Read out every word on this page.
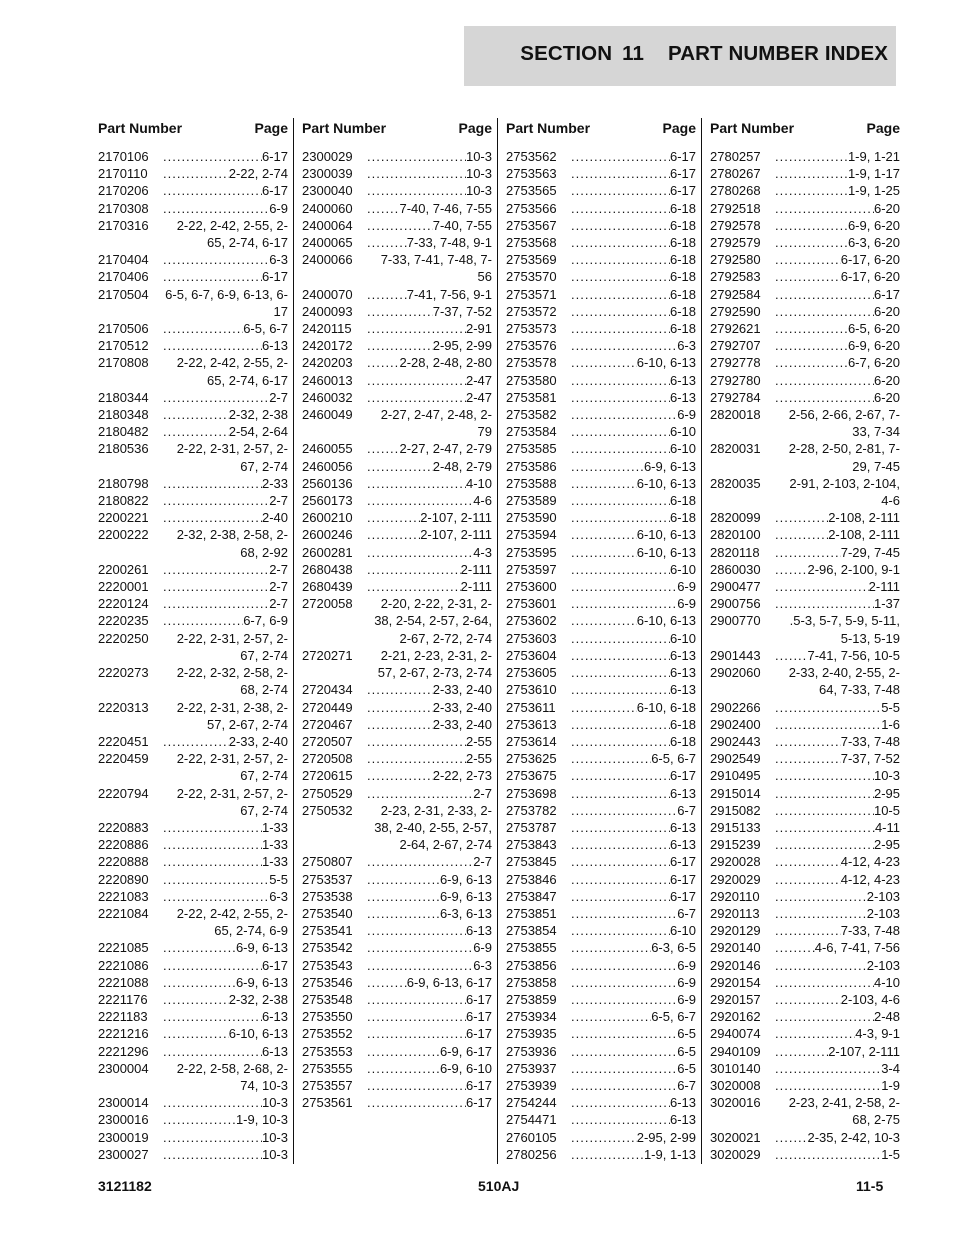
SECTION 11 PART NUMBER INDEX
Part Number	Page
2170106 .....	6-17
2170110 .....	2-22, 2-74
2170206 .....	6-17
2170308 .....	6-9
2170316	2-22, 2-42, 2-55, 2-65, 2-74, 6-17
2170404 .....	6-3
2170406 .....	6-17
2170504 6-5, 6-7, 6-9, 6-13, 6-17
2170506 .....	6-5, 6-7
2170512 .....	6-13
2170808	2-22, 2-42, 2-55, 2-65, 2-74, 6-17
2180344 .....	2-7
2180348 .....	2-32, 2-38
2180482 .....	2-54, 2-64
2180536	2-22, 2-31, 2-57, 2-67, 2-74
2180798 .....	2-33
2180822 .....	2-7
2200221 .....	2-40
2200222	2-32, 2-38, 2-58, 2-68, 2-92
2200261 .....	2-7
2220001 .....	2-7
2220124 .....	2-7
2220235 .....	6-7, 6-9
2220250	2-22, 2-31, 2-57, 2-67, 2-74
2220273	2-22, 2-32, 2-58, 2-68, 2-74
2220313	2-22, 2-31, 2-38, 2-57, 2-67, 2-74
2220451 .....	2-33, 2-40
2220459	2-22, 2-31, 2-57, 2-67, 2-74
2220794	2-22, 2-31, 2-57, 2-67, 2-74
2220883 .....	1-33
2220886 .....	1-33
2220888 .....	1-33
2220890 .....	5-5
2221083 .....	6-3
2221084	2-22, 2-42, 2-55, 2-65, 2-74, 6-9
2221085 .....	6-9, 6-13
2221086 .....	6-17
2221088 .....	6-9, 6-13
2221176 .....	2-32, 2-38
2221183 .....	6-13
2221216 .....	6-10, 6-13
2221296 .....	6-13
2300004	2-22, 2-58, 2-68, 2-74, 10-3
2300014 .....	10-3
2300016 .....	1-9, 10-3
2300019 .....	10-3
2300027 .....	10-3
Part Number	Page
2300029 .....	10-3
2300039 .....	10-3
2300040 .....	10-3
2400060 .....	7-40, 7-46, 7-55
2400064 .....	7-40, 7-55
2400065 .....	7-33, 7-48, 9-1
2400066	7-33, 7-41, 7-48, 7-56
2400070 .....	7-41, 7-56, 9-1
2400093 .....	7-37, 7-52
2420115 .....	2-91
2420172 .....	2-95, 2-99
2420203 .....	2-28, 2-48, 2-80
2460013 .....	2-47
2460032 .....	2-47
2460049	2-27, 2-47, 2-48, 2-79
2460055 .....	2-27, 2-47, 2-79
2460056 .....	2-48, 2-79
2560136 .....	4-10
2560173 .....	4-6
2600210 .....	2-107, 2-111
2600246 .....	2-107, 2-111
2600281 .....	4-3
2680438 .....	2-111
2680439 .....	2-111
2720058	2-20, 2-22, 2-31, 2-38, 2-54, 2-57, 2-64, 2-67, 2-72, 2-74
2720271	2-21, 2-23, 2-31, 2-57, 2-67, 2-73, 2-74
2720434 .....	2-33, 2-40
2720449 .....	2-33, 2-40
2720467 .....	2-33, 2-40
2720507 .....	2-55
2720508 .....	2-55
2720615 .....	2-22, 2-73
2750529 .....	2-7
2750532	2-23, 2-31, 2-33, 2-38, 2-40, 2-55, 2-57, 2-64, 2-67, 2-74
2750807 .....	2-7
2753537 .....	6-9, 6-13
2753538 .....	6-9, 6-13
2753540 .....	6-3, 6-13
2753541 .....	6-13
2753542 .....	6-9
2753543 .....	6-3
2753546 .....	6-9, 6-13, 6-17
2753548 .....	6-17
2753550 .....	6-17
2753552 .....	6-17
2753553 .....	6-9, 6-17
2753555 .....	6-9, 6-10
2753557 .....	6-17
2753561 .....	6-17
Part Number	Page
2753562 .....	6-17
2753563 .....	6-17
2753565 .....	6-17
2753566 .....	6-18
2753567 .....	6-18
2753568 .....	6-18
2753569 .....	6-18
2753570 .....	6-18
2753571 .....	6-18
2753572 .....	6-18
2753573 .....	6-18
2753576 .....	6-3
2753578 .....	6-10, 6-13
2753580 .....	6-13
2753581 .....	6-13
2753582 .....	6-9
2753584 .....	6-10
2753585 .....	6-10
2753586 .....	6-9, 6-13
2753588 .....	6-10, 6-13
2753589 .....	6-18
2753590 .....	6-18
2753594 .....	6-10, 6-13
2753595 .....	6-10, 6-13
2753597 .....	6-10
2753600 .....	6-9
2753601 .....	6-9
2753602 .....	6-10, 6-13
2753603 .....	6-10
2753604 .....	6-13
2753605 .....	6-13
2753610 .....	6-13
2753611 .....	6-10, 6-18
2753613 .....	6-18
2753614 .....	6-18
2753625 .....	6-5, 6-7
2753675 .....	6-17
2753698 .....	6-13
2753782 .....	6-7
2753787 .....	6-13
2753843 .....	6-13
2753845 .....	6-17
2753846 .....	6-17
2753847 .....	6-17
2753851 .....	6-7
2753854 .....	6-10
2753855 .....	6-3, 6-5
2753856 .....	6-9
2753858 .....	6-9
2753859 .....	6-9
2753934 .....	6-5, 6-7
2753935 .....	6-5
2753936 .....	6-5
2753937 .....	6-5
2753939 .....	6-7
2754244 .....	6-13
2754471 .....	6-13
2760105 .....	2-95, 2-99
2780256 .....	1-9, 1-13
Part Number	Page
2780257 .....	1-9, 1-21
2780267 .....	1-9, 1-17
2780268 .....	1-9, 1-25
2792518 .....	6-20
2792578 .....	6-9, 6-20
2792579 .....	6-3, 6-20
2792580 .....	6-17, 6-20
2792583 .....	6-17, 6-20
2792584 .....	6-17
2792590 .....	6-20
2792621 .....	6-5, 6-20
2792707 .....	6-9, 6-20
2792778 .....	6-7, 6-20
2792780 .....	6-20
2792784 .....	6-20
2820018	2-56, 2-66, 2-67, 7-33, 7-34
2820031	2-28, 2-50, 2-81, 7-29, 7-45
2820035	2-91, 2-103, 2-104, 4-6
2820099 .....	2-108, 2-111
2820100 .....	2-108, 2-111
2820118 .....	7-29, 7-45
2860030 .....	2-96, 2-100, 9-1
2900477 .....	2-111
2900756 .....	1-37
2900770	.5-3, 5-7, 5-9, 5-11, 5-13, 5-19
2901443 .....	7-41, 7-56, 10-5
2902060	2-33, 2-40, 2-55, 2-64, 7-33, 7-48
2902266 .....	5-5
2902400 .....	1-6
2902443 .....	7-33, 7-48
2902549 .....	7-37, 7-52
2910495 .....	10-3
2915014 .....	2-95
2915082 .....	10-5
2915133 .....	4-11
2915239 .....	2-95
2920028 .....	4-12, 4-23
2920029 .....	4-12, 4-23
2920110 .....	2-103
2920113 .....	2-103
2920129 .....	7-33, 7-48
2920140 .....	4-6, 7-41, 7-56
2920146 .....	2-103
2920154 .....	4-10
2920157 .....	2-103, 4-6
2920162 .....	2-48
2940074 .....	4-3, 9-1
2940109 .....	2-107, 2-111
3010140 .....	3-4
3020008 .....	1-9
3020016	2-23, 2-41, 2-58, 2-68, 2-75
3020021 .....	2-35, 2-42, 10-3
3020029 .....	1-5
3121182	510AJ	11-5
